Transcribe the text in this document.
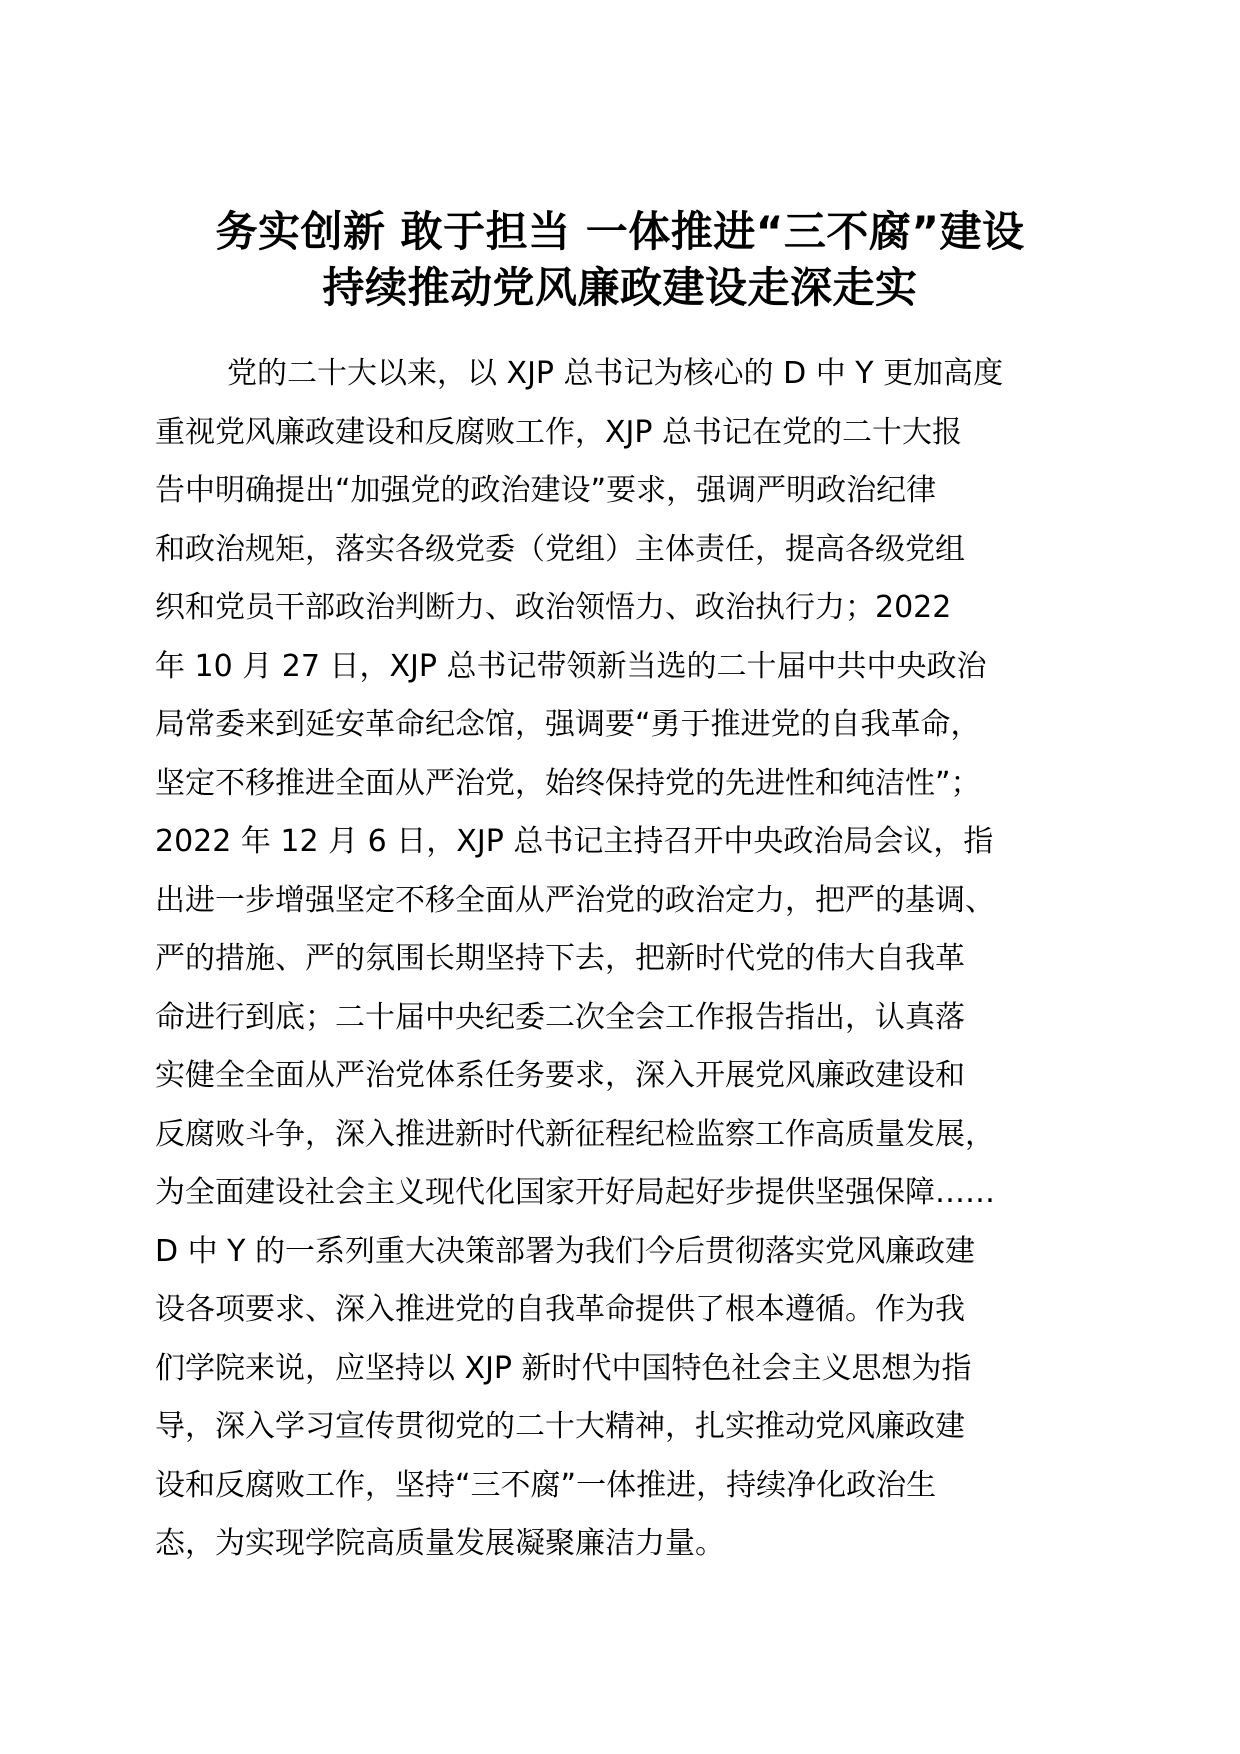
务实创新 敢于担当 一体推进“三不腐”建设
持续推动党风廉政建设走深走实
党的二十大以来，以 XJP 总书记为核心的 D 中 Y 更加高度
重视党风廉政建设和反腐败工作，XJP 总书记在党的二十大报
告中明确提出“加强党的政治建设”要求，强调严明政治纪律
和政治规矩，落实各级党委（党组）主体责任，提高各级党组
织和党员干部政治判断力、政治领悟力、政治执行力；2022
年 10 月 27 日，XJP 总书记带领新当选的二十届中共中央政治
局常委来到延安革命纪念馆，强调要“勇于推进党的自我革命，
坚定不移推进全面从严治党，始终保持党的先进性和纯洁性”；
2022 年 12 月 6 日，XJP 总书记主持召开中央政治局会议，指
出进一步增强坚定不移全面从严治党的政治定力，把严的基调、
严的措施、严的氛围长期坚持下去，把新时代党的伟大自我革
命进行到底；二十届中央纪委二次全会工作报告指出，认真落
实健全全面从严治党体系任务要求，深入开展党风廉政建设和
反腐败斗争，深入推进新时代新征程纪检监察工作高质量发展，
为全面建设社会主义现代化国家开好局起好步提供坚强保障……
D 中 Y 的一系列重大决策部署为我们今后贯彻落实党风廉政建
设各项要求、深入推进党的自我革命提供了根本遵循。作为我
们学院来说，应坚持以 XJP 新时代中国特色社会主义思想为指
导，深入学习宣传贯彻党的二十大精神，扎实推动党风廉政建
设和反腐败工作，坚持“三不腐”一体推进，持续净化政治生
态，为实现学院高质量发展凝聚廉洁力量。
